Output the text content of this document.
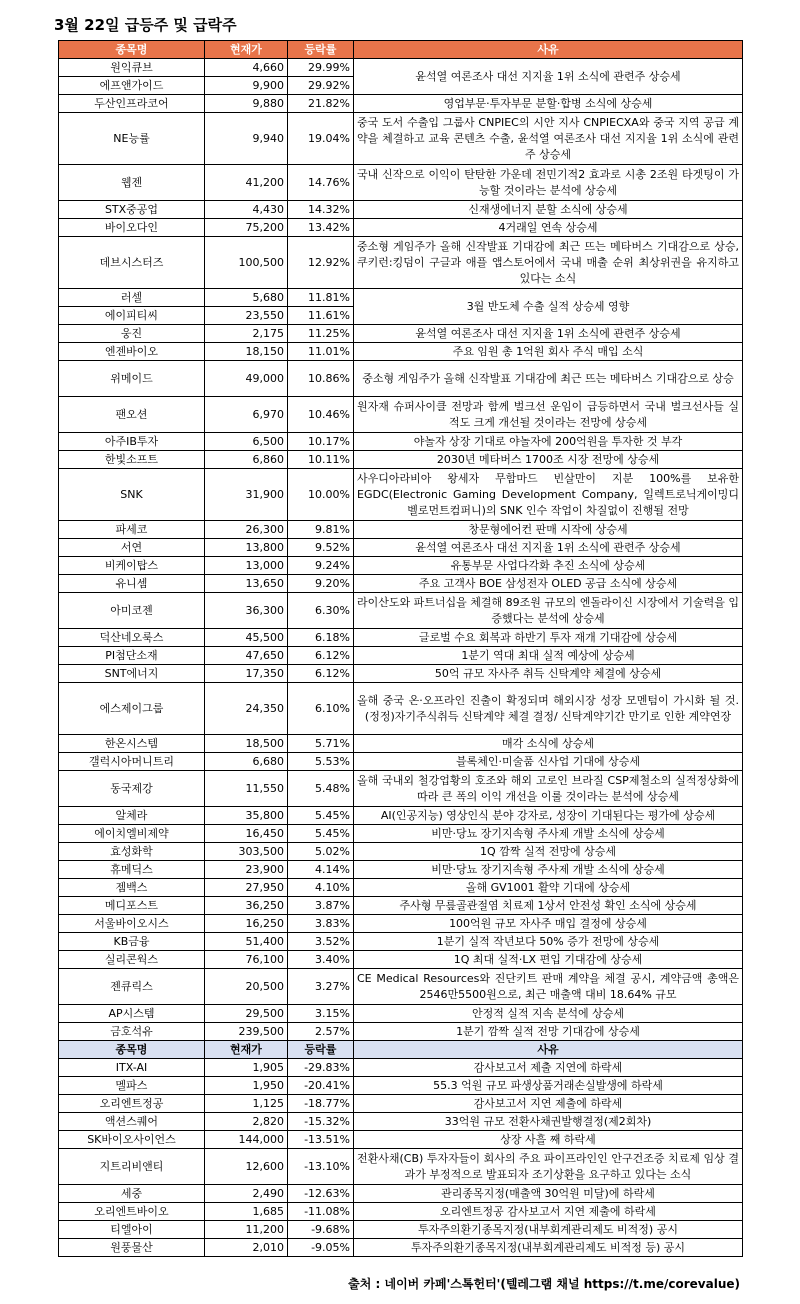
3월 22일 급등주 및 급락주
종목명	현재가	등락률	사유
원익큐브	4,660	29.99%	윤석열 여론조사 대선 지지율 1위 소식에 관련주 상승세
에프앤가이드	9,900	29.92%	
두산인프라코어	9,880	21.82%	영업부문·투자부문 분할·합병 소식에 상승세
NE능률	9,940	19.04%	중국 도서 수출입 그룹사 CNPIEC의 시안 지사 CNPIECXA와 중국 지역 공급 계약을 체결하고 교육 콘텐츠 수출, 윤석열 여론조사 대선 지지율 1위 소식에 관련주 상승세
웹젠	41,200	14.76%	국내 신작으로 이익이 탄탄한 가운데 전민기적2 효과로 시총 2조원 타겟팅이 가능할 것이라는 분석에 상승세
STX중공업	4,430	14.32%	신재생에너지 분할 소식에 상승세
바이오다인	75,200	13.42%	4거래일 연속 상승세
데브시스터즈	100,500	12.92%	중소형 게임주가 올해 신작발표 기대감에 최근 뜨는 메타버스 기대감으로 상승, 쿠키런:킹덤이 구글과 애플 앱스토어에서 국내 매출 순위 최상위권을 유지하고 있다는 소식
러셀	5,680	11.81%	3월 반도체 수출 실적 상승세 영향
에이피티씨	23,550	11.61%	
웅진	2,175	11.25%	윤석열 여론조사 대선 지지율 1위 소식에 관련주 상승세
엔젠바이오	18,150	11.01%	주요 임원 총 1억원 회사 주식 매입 소식
위메이드	49,000	10.86%	중소형 게임주가 올해 신작발표 기대감에 최근 뜨는 메타버스 기대감으로 상승
팬오션	6,970	10.46%	원자재 슈퍼사이클 전망과 함께 벌크선 운임이 급등하면서 국내 벌크선사들 실적도 크게 개선될 것이라는 전망에 상승세
아주IB투자	6,500	10.17%	야놀자 상장 기대로 야놀자에 200억원을 투자한 것 부각
한빛소프트	6,860	10.11%	2030년 메타버스 1700조 시장 전망에 상승세
SNK	31,900	10.00%	사우디아라비아 왕세자 무함마드 빈살만이 지분 100%를 보유한 EGDC(Electronic Gaming Development Company, 일렉트로닉게이밍디벨로먼트컴퍼니)의 SNK 인수 작업이 차질없이 진행될 전망
파세코	26,300	9.81%	창문형에어컨 판매 시작에 상승세
서연	13,800	9.52%	윤석열 여론조사 대선 지지율 1위 소식에 관련주 상승세
비케이탑스	13,000	9.24%	유통부문 사업다각화 추진 소식에 상승세
유니셈	13,650	9.20%	주요 고객사 BOE 삼성전자 OLED 공급 소식에 상승세
아미코젠	36,300	6.30%	라이산도와 파트너십을 체결해 89조원 규모의 엔돌라이신 시장에서 기술력을 입증했다는 분석에 상승세
덕산네오룩스	45,500	6.18%	글로벌 수요 회복과 하반기 투자 재개 기대감에 상승세
PI첨단소재	47,650	6.12%	1분기 역대 최대 실적 예상에 상승세
SNT에너지	17,350	6.12%	50억 규모 자사주 취득 신탁계약 체결에 상승세
에스제이그룹	24,350	6.10%	올해 중국 온·오프라인 진출이 확정되며 해외시장 성장 모멘텀이 가시화 될 것. (정정)자기주식취득 신탁계약 체결 결정/ 신탁계약기간 만기로 인한 계약연장
한온시스템	18,500	5.71%	매각 소식에 상승세
갤럭시아머니트리	6,680	5.53%	블록체인·미술품 신사업 기대에 상승세
동국제강	11,550	5.48%	올해 국내외 철강업황의 호조와 해외 고로인 브라질 CSP제철소의 실적정상화에 따라 큰 폭의 이익 개선을 이룰 것이라는 분석에 상승세
알체라	35,800	5.45%	AI(인공지능) 영상인식 분야 강자로, 성장이 기대된다는 평가에 상승세
에이치엘비제약	16,450	5.45%	비만·당뇨 장기지속형 주사제 개발 소식에 상승세
효성화학	303,500	5.02%	1Q 깜짝 실적 전망에 상승세
휴메딕스	23,900	4.14%	비만·당뇨 장기지속형 주사제 개발 소식에 상승세
젬백스	27,950	4.10%	올해 GV1001 활약 기대에 상승세
메디포스트	36,250	3.87%	주사형 무릎골관절염 치료제 1상서 안전성 확인 소식에 상승세
서울바이오시스	16,250	3.83%	100억원 규모 자사주 매입 결정에 상승세
KB금융	51,400	3.52%	1분기 실적 작년보다 50% 증가 전망에 상승세
실리콘웍스	76,100	3.40%	1Q 최대 실적·LX 편입 기대감에 상승세
젠큐릭스	20,500	3.27%	CE Medical Resources와 진단키트 판매 계약을 체결 공시, 계약금액 총액은 2546만5500원으로, 최근 매출액 대비 18.64% 규모
AP시스템	29,500	3.15%	안정적 실적 지속 분석에 상승세
금호석유	239,500	2.57%	1분기 깜짝 실적 전망 기대감에 상승세
종목명	현재가	등락률	사유
ITX-AI	1,905	-29.83%	감사보고서 제출 지연에 하락세
멜파스	1,950	-20.41%	55.3 억원 규모 파생상품거래손실발생에 하락세
오리엔트정공	1,125	-18.77%	감사보고서 지연 제출에 하락세
액션스퀘어	2,820	-15.32%	33억원 규모 전환사채권발행결정(제2회차)
SK바이오사이언스	144,000	-13.51%	상장 사흘 째 하락세
지트리비앤티	12,600	-13.10%	전환사채(CB) 투자자들이 회사의 주요 파이프라인인 안구건조증 치료제 임상 결과가 부정적으로 발표되자 조기상환을 요구하고 있다는 소식
세중	2,490	-12.63%	관리종목지정(매출액 30억원 미달)에 하락세
오리엔트바이오	1,685	-11.08%	오리엔트정공 감사보고서 지연 제출에 하락세
티엘아이	11,200	-9.68%	투자주의환기종목지정(내부회계관리제도 비적정) 공시
원풍물산	2,010	-9.05%	투자주의환기종목지정(내부회계관리제도 비적정 등) 공시
출처 : 네이버 카페'스톡헌터'(텔레그램 채널 https://t.me/corevalue)
